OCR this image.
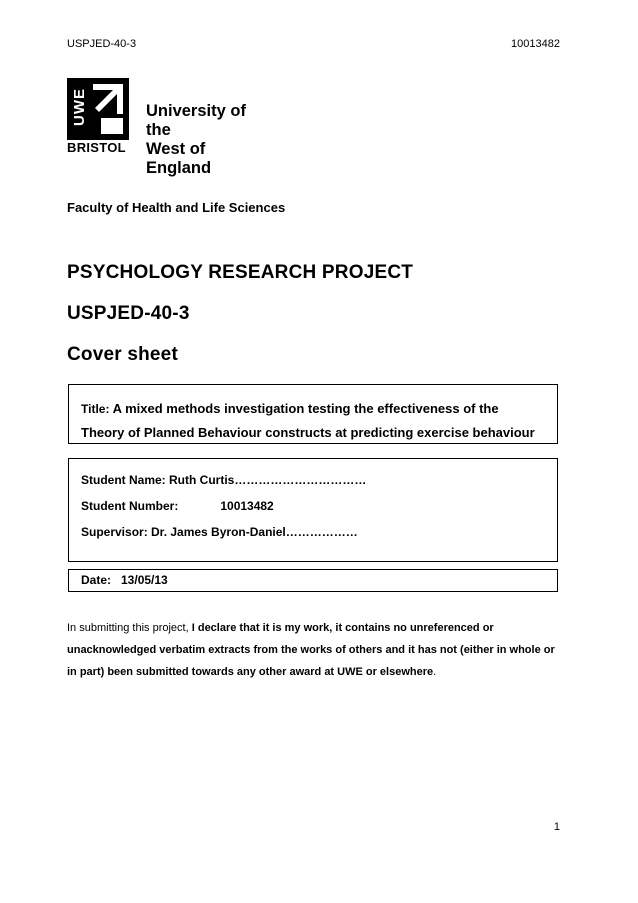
USPJED-40-3	10013482
UWE
BRISTOL
University of the
West of England
Faculty of Health and Life Sciences
PSYCHOLOGY RESEARCH PROJECT
USPJED-40-3
Cover sheet
Title: A mixed methods investigation testing the effectiveness of the
Theory of Planned Behaviour constructs at predicting exercise behaviour
Student Name: Ruth Curtis……………………………
Student Number:	10013482
Supervisor: Dr. James Byron-Daniel………………
Date:   13/05/13
In submitting this project, I declare that it is my work, it contains no unreferenced or unacknowledged verbatim extracts from the works of others and it has not (either in whole or in part) been submitted towards any other award at UWE or elsewhere.
1
